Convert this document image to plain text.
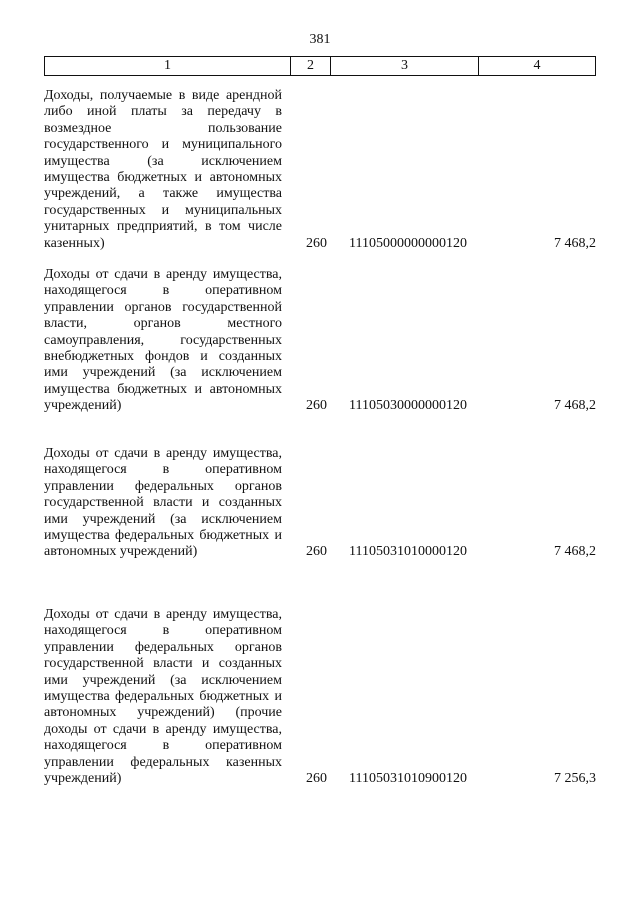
381
1	2	3	4
Доходы, получаемые в виде арендной либо иной платы за передачу в возмездное пользование государственного и муниципального имущества (за исключением имущества бюджетных и автономных учреждений, а также имущества государственных и муниципальных унитарных предприятий, в том числе казенных)	260 11105000000000120	7 468,2
Доходы от сдачи в аренду имущества, находящегося в оперативном управлении органов государственной власти, органов местного самоуправления, государственных внебюджетных фондов и созданных ими учреждений (за исключением имущества бюджетных и автономных учреждений)	260 11105030000000120	7 468,2
Доходы от сдачи в аренду имущества, находящегося в оперативном управлении федеральных органов государственной власти и созданных ими учреждений (за исключением имущества федеральных бюджетных и автономных учреждений)	260 11105031010000120	7 468,2
Доходы от сдачи в аренду имущества, находящегося в оперативном управлении федеральных органов государственной власти и созданных ими учреждений (за исключением имущества федеральных бюджетных и автономных учреждений) (прочие доходы от сдачи в аренду имущества, находящегося в оперативном управлении федеральных казенных учреждений)	260 11105031010900120	7 256,3
